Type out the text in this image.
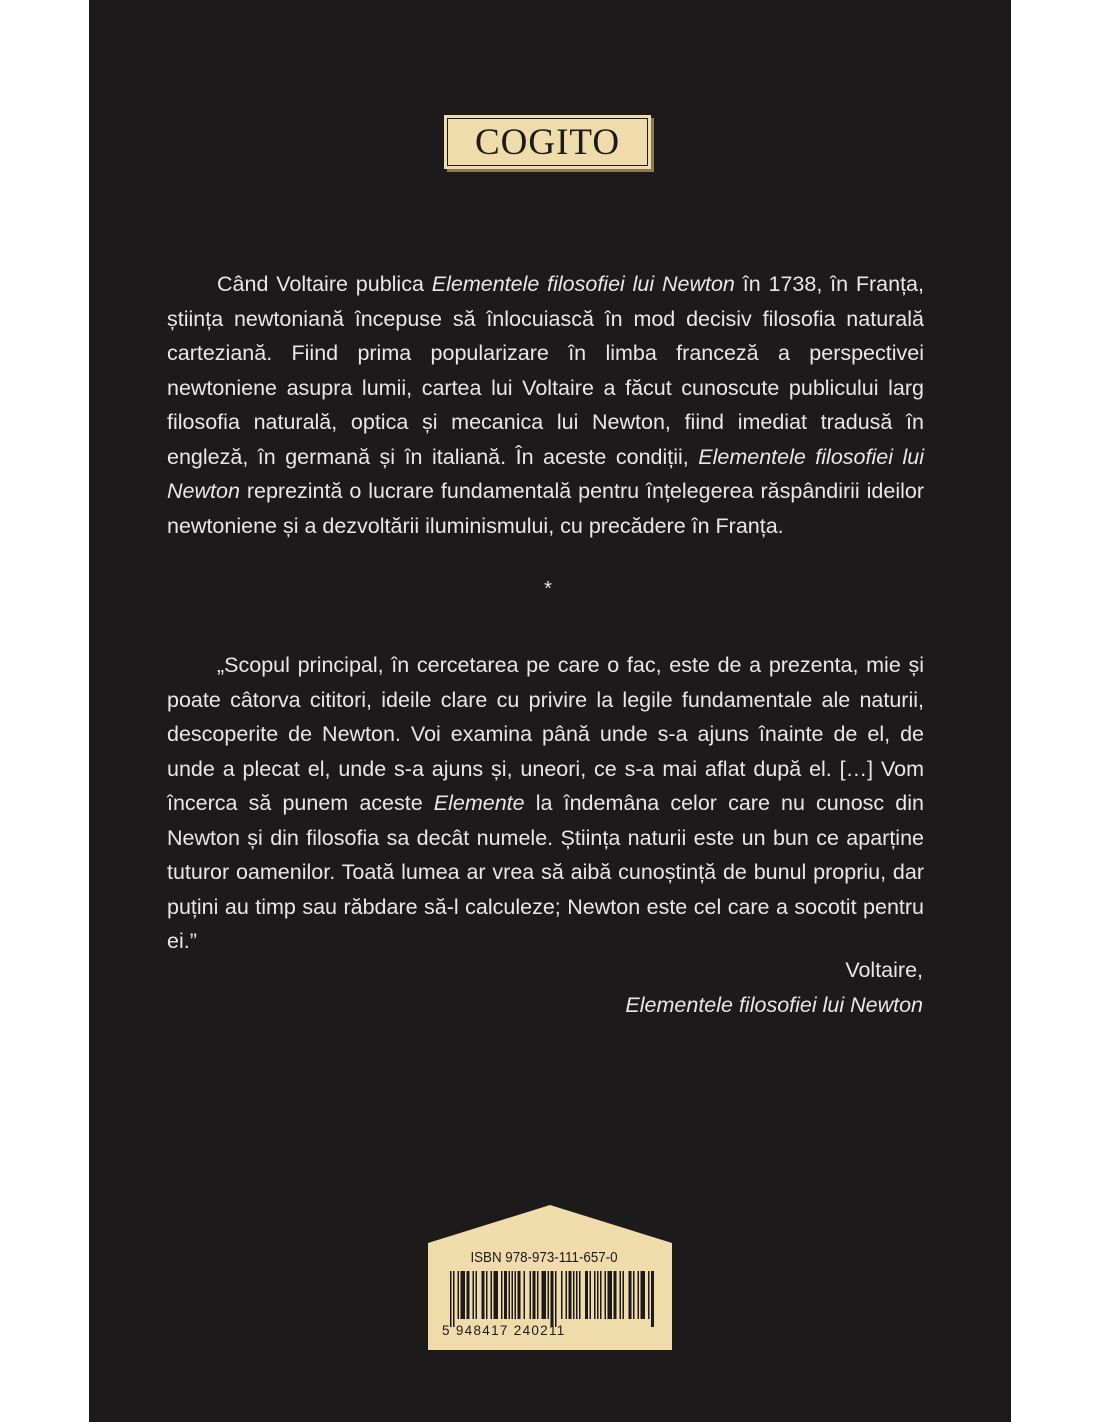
COGITO

Când Voltaire publica Elementele filosofiei lui Newton în 1738, în Franța, știința newtoniană începuse să înlocuiască în mod decisiv filosofia naturală carteziană. Fiind prima popularizare în limba franceză a perspectivei newtoniene asupra lumii, cartea lui Voltaire a făcut cunoscute publicului larg filosofia naturală, optica și mecanica lui Newton, fiind imediat tradusă în engleză, în germană și în italiană. În aceste condiții, Elementele filosofiei lui Newton reprezintă o lucrare fundamentală pentru înțelegerea răspândirii ideilor newtoniene și a dezvoltării iluminismului, cu precădere în Franța.

*

„Scopul principal, în cercetarea pe care o fac, este de a prezenta, mie și poate câtorva cititori, ideile clare cu privire la legile fundamentale ale naturii, descoperite de Newton. Voi examina până unde s-a ajuns înainte de el, de unde a plecat el, unde s-a ajuns și, uneori, ce s-a mai aflat după el. […] Vom încerca să punem aceste Elemente la îndemâna celor care nu cunosc din Newton și din filosofia sa decât numele. Știința naturii este un bun ce aparține tuturor oamenilor. Toată lumea ar vrea să aibă cunoștință de bunul propriu, dar puțini au timp sau răbdare să-l calculeze; Newton este cel care a socotit pentru ei.”

Voltaire,
Elementele filosofiei lui Newton
ISBN 978-973-111-657-0
5 948417 240211
